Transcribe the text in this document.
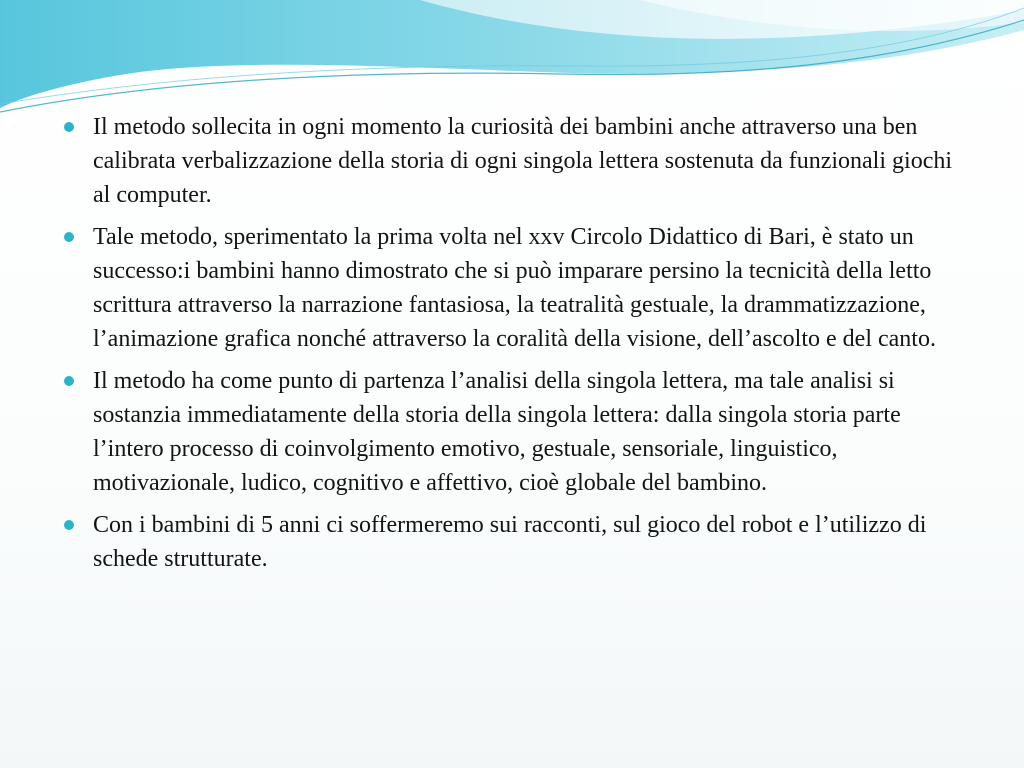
Il metodo sollecita in ogni momento la curiosità dei bambini anche attraverso una ben calibrata verbalizzazione della storia di ogni singola lettera sostenuta da funzionali giochi al computer.
Tale metodo, sperimentato la prima volta nel xxv Circolo Didattico di Bari, è stato un successo:i bambini hanno dimostrato che si può imparare persino la tecnicità della letto scrittura attraverso la narrazione fantasiosa, la teatralità gestuale, la drammatizzazione, l’animazione grafica nonché attraverso la coralità della visione, dell’ascolto e del canto.
Il metodo ha come punto di partenza l’analisi della singola lettera, ma tale analisi si sostanzia immediatamente della storia della singola lettera: dalla singola storia parte l’intero processo di coinvolgimento emotivo, gestuale, sensoriale, linguistico, motivazionale, ludico, cognitivo e affettivo, cioè globale del bambino.
Con i bambini di 5 anni ci soffermeremo sui racconti, sul gioco del robot e l’utilizzo di schede strutturate.
